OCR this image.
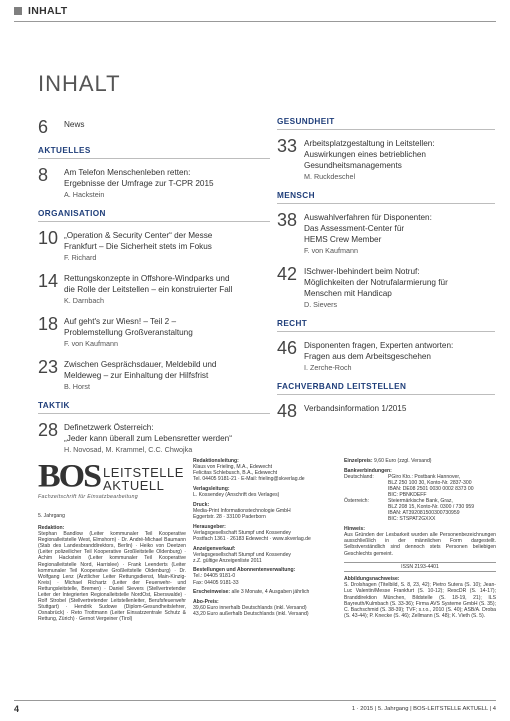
INHALT
INHALT
6	News
AKTUELLES
8	Am Telefon Menschenleben retten:
Ergebnisse der Umfrage zur T-CPR 2015
A. Hackstein
ORGANISATION
10 „Operation & Security Center“ der Messe
Frankfurt – Die Sicherheit stets im Fokus
F. Richard
14 Rettungskonzepte in Offshore-Windparks und
die Rolle der Leitstellen – ein konstruierter Fall
K. Darnbach
18 Auf geht's zur Wiesn! – Teil 2 –
Problemstellung Großveranstaltung
F. von Kaufmann
23 Zwischen Gesprächsdauer, Meldebild und
Meldeweg – zur Einhaltung der Hilfsfrist
B. Horst
TAKTIK
28 Definetzwerk Österreich:
„Jeder kann überall zum Lebensretter werden“
H. Novosad, M. Krammel, C.C. Chwojka
GESUNDHEIT
33 Arbeitsplatzgestaltung in Leitstellen:
Auswirkungen eines betrieblichen
Gesundheitsmanagements
M. Ruckdeschel
MENSCH
38 Auswahlverfahren für Disponenten:
Das Assessment-Center für
HEMS Crew Member
F. von Kaufmann
42 ISchwer-Ibehindert beim Notruf:
Möglichkeiten der Notrufalarmierung für
Menschen mit Handicap
D. Sievers
RECHT
46 Disponenten fragen, Experten antworten:
Fragen aus dem Arbeitsgeschehen
I. Zerche-Roch
FACHVERBAND LEITSTELLEN
48 Verbandsinformation 1/2015
BOS LEITSTELLE
AKTUELL
Fachzeitschrift für Einsatzbearbeitung
5. Jahrgang
Redaktion:
Stephan Bandlow (Leiter kommunaler Teil Kooperative Regionalleitstelle West, Elmshorn) · Dr. André-Michael Baumann (Stab des Landesbranddirektors, Berlin) · Heiko von Deetzen (Leiter polizeilicher Teil Kooperative Großleitstelle Oldenburg) · Achim Hackstein (Leiter kommunaler Teil Kooperative Regionalleitstelle Nord, Harrislee) · Frank Leenderts (Leiter kommunaler Teil Kooperative Großleitstelle Oldenburg) · Dr. Wolfgang Lenz (Ärztlicher Leiter Rettungsdienst, Main-Kinzig-Kreis) · Michael Richartz (Leiter der Feuerwehr- und Rettungsleitstelle, Bremen) · Daniel Sievers (Stellvertretender Leiter der Integrierten Regionalleitstelle NordOst, Eberswalde) · Rolf Strobel (Stellvertretender Leitstellenleiter, Berufsfeuerwehr Stuttgart) · Hendrik Sudowe (Diplom-Gesundheitslehrer, Osnabrück) · Reto Trottmann (Leiter Einsatzzentrale Schutz & Rettung, Zürich) · Gernot Vergeiner (Tirol)
Redaktionsleitung:
Klaus von Frieling, M.A., Edewecht
Felicitas Schlebusch, B.A., Edewecht
Tel. 04405 9181-21 · E-Mail: frieling@skverlag.de
Verlagsleitung:
L. Kossendey (Anschrift des Verlages)
Druck:
Media-Print Informationstechnologie GmbH
Eggertstr. 28 · 33100 Paderborn
Herausgeber:
Verlagsgesellschaft Stumpf und Kossendey
Postfach 1361 · 26183 Edewecht · www.skverlag.de
Anzeigenverkauf:
Verlagsgesellschaft Stumpf und Kossendey
z.Z. gültige Anzeigenliste 2011
Bestellungen und Abonnentenverwaltung:
Tel.: 04405 9181-0
Fax: 04405 9181-33
Erscheinweise: alle 3 Monate, 4 Ausgaben jährlich
Abo-Preis:
39,60 Euro innerhalb Deutschlands (inkl. Versand)
43,20 Euro außerhalb Deutschlands (inkl. Versand)
Einzelpreis: 9,60 Euro (zzgl. Versand)
Bankverbindungen:
Deutschland:	PGiro Kto.: Postbank Hannover,
BLZ 250 100 30, Konto-Nr. 2837-300
IBAN: DE08 2501 0030 0002 8373 00
BIC: PBNKDEFF
Österreich:	Steiermärkische Bank, Graz,
BLZ 208 15, Konto-Nr. 0300 / 730 959
IBAN: AT392081500300730959
BIC: STSPAT2GXXX
Hinweis:
Aus Gründen der Lesbarkeit wurden alle Personenbezeichnungen ausschließlich in der männlichen Form dargestellt. Selbstverständlich sind dennoch stets Personen beliebigen Geschlechts gemeint.
ISSN 2193-4401
Abbildungsnachweise:
S. Drolshagen (Titelbild, S. 8, 23, 42); Pietro Sutera (S. 10); Jean-Luc Valentin/Messe Frankfurt (S. 10-12); RescDR (S. 14-17); Branddirektion München, Bildstelle (S. 18-19, 21); ILS Bayreuth/Kulmbach (S. 33-36); Firma AVS Systeme GmbH (S. 35); C. Bachschmid (S. 38-39); TVF; s.r.o., 2010 (S. 40); ASB/A. Droba (S. 43-44); P. Knecke (S. 46); Zellmann (S. 48); K. Vieth (S. 5).
4	1 · 2015 | 5. Jahrgang | BOS-LEITSTELLE AKTUELL | 4
